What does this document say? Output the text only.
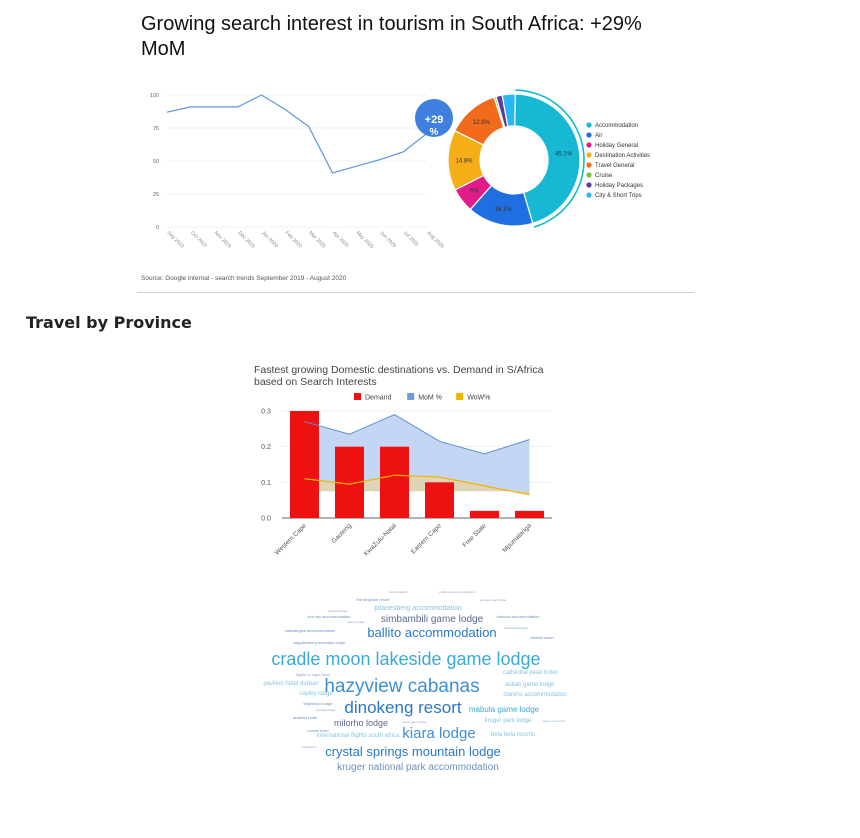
Growing search interest in tourism in South Africa: +29% MoM
0
25
50
75
100
Sep 2019 Oct 2019 Nov 2019 Dec 2019 Jan 2020 Feb 2020 Mar 2020 Apr 2020 May 2020 Jun 2020 Jul 2020 Aug 2020
45.1%
16.1%
6%
14.8%
12.8%
Accommodation
Air
Holiday General
Destination Activities
Travel General
Cruise
Holiday Packages
City & Short Trips
+29
%
Source: Google internal - search trends September 2019 - August 2020
Travel by Province
Fastest growing Domestic destinations vs. Demand in S/Africa based on Search Interests
Demand	MoM %	WoW%
0.0
0.1
0.2
0.3
Western Cape	Gauteng KwaZulu-Natal Eastern Cape	Free State Mpumalanga
tamboerskloof	cradle park accommodation
the kingdom resort	umngeni park lodge
pilanesberg accommodation
letamela lodge
sun city accommodation	simbambili game lodge	harbour accommodation
lapeng lodge
mabalingwe accommodation ballito accommodation vijverstraat lodges
zimbali resort
magaliesburg mountain lodge
cradle moon lakeside game lodge
flights to cape town	cathedral peak hotel
pavilion hotel durban hazyview cabanas	askari game lodge
cayley lodge	clarens accommodation
leighwood lodge
pinnacle lodge dinokeng resort mabula game lodge
arabella hotel
milorho lodge	mkuze game lodge	kruger park lodge	cape town resort
protea hotel	kiara lodge
international flights south africa	bela bela resorts
oudtshoorn crystal springs mountain lodge
kruger national park accommodation
